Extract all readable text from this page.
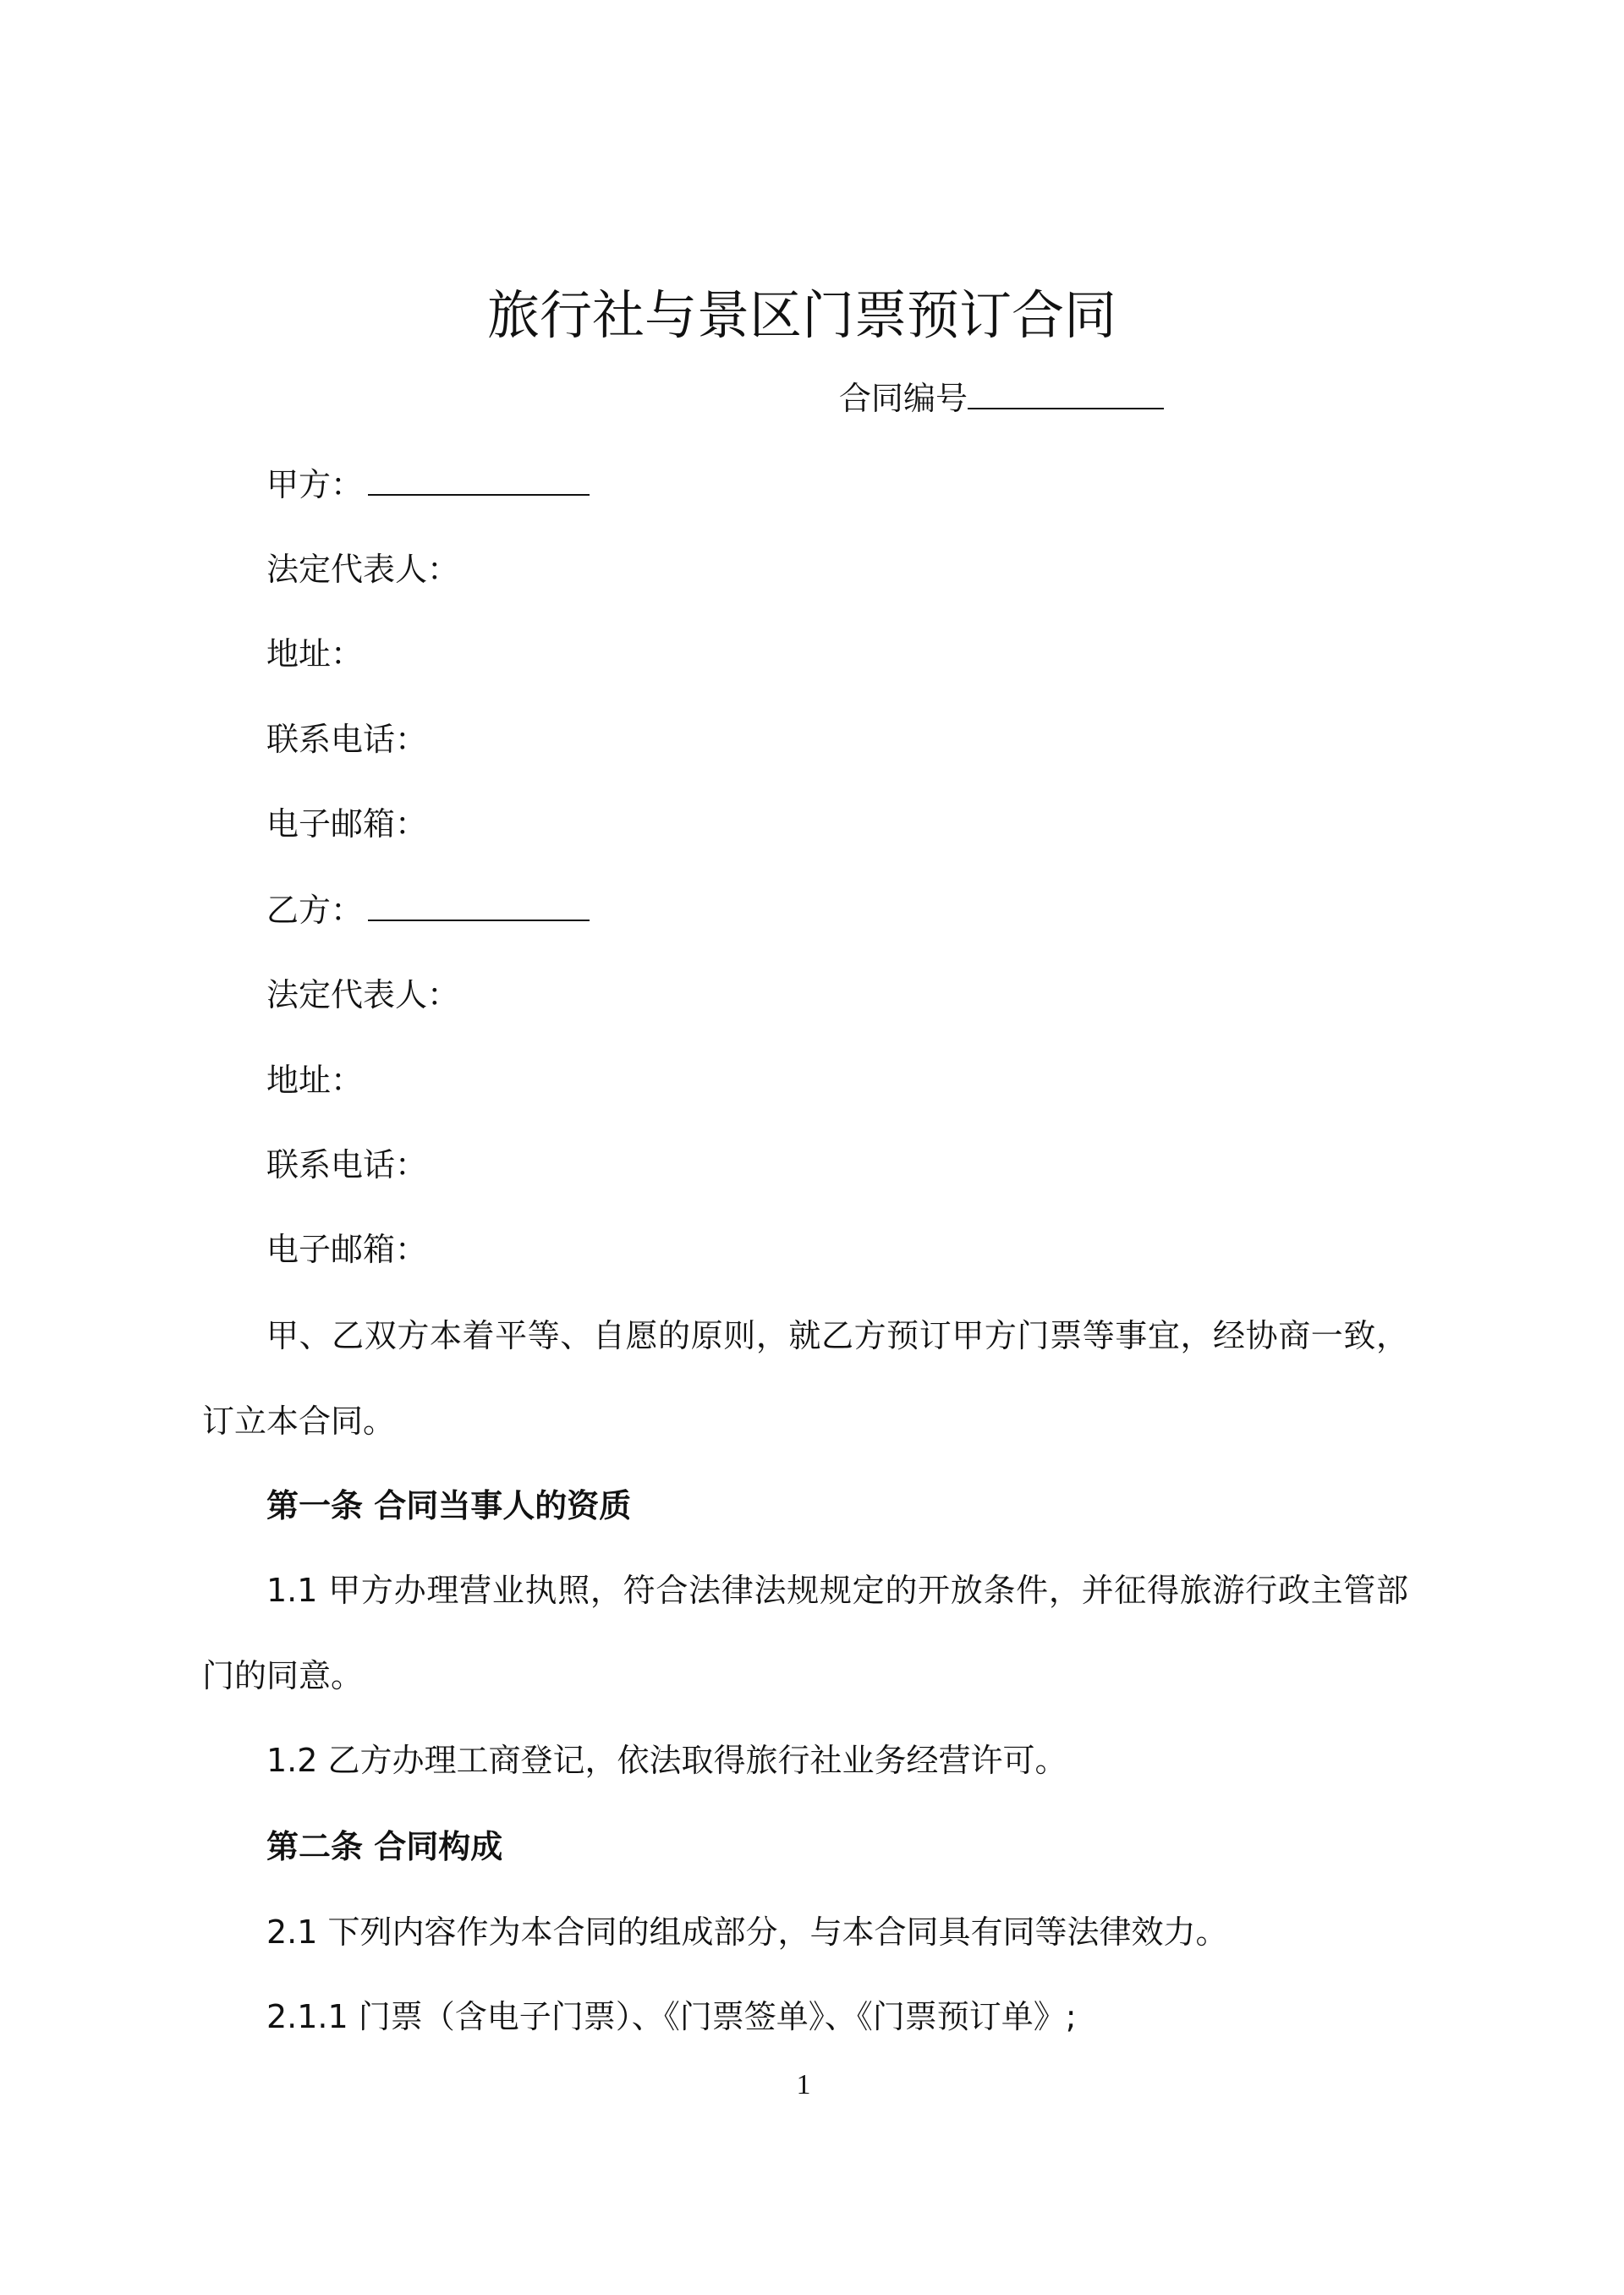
旅行社与景区门票预订合同
合同编号
甲方：
法定代表人：
地址：
联系电话：
电子邮箱：
乙方：
法定代表人：
地址：
联系电话：
电子邮箱：
甲、乙双方本着平等、自愿的原则，就乙方预订甲方门票等事宜，经协商一致，
订立本合同。
第一条 合同当事人的资质
1.1 甲方办理营业执照，符合法律法规规定的开放条件，并征得旅游行政主管部
门的同意。
1.2 乙方办理工商登记，依法取得旅行社业务经营许可。
第二条 合同构成
2.1 下列内容作为本合同的组成部分，与本合同具有同等法律效力。
2.1.1 门票（含电子门票）、《门票签单》、《门票预订单》;
1
